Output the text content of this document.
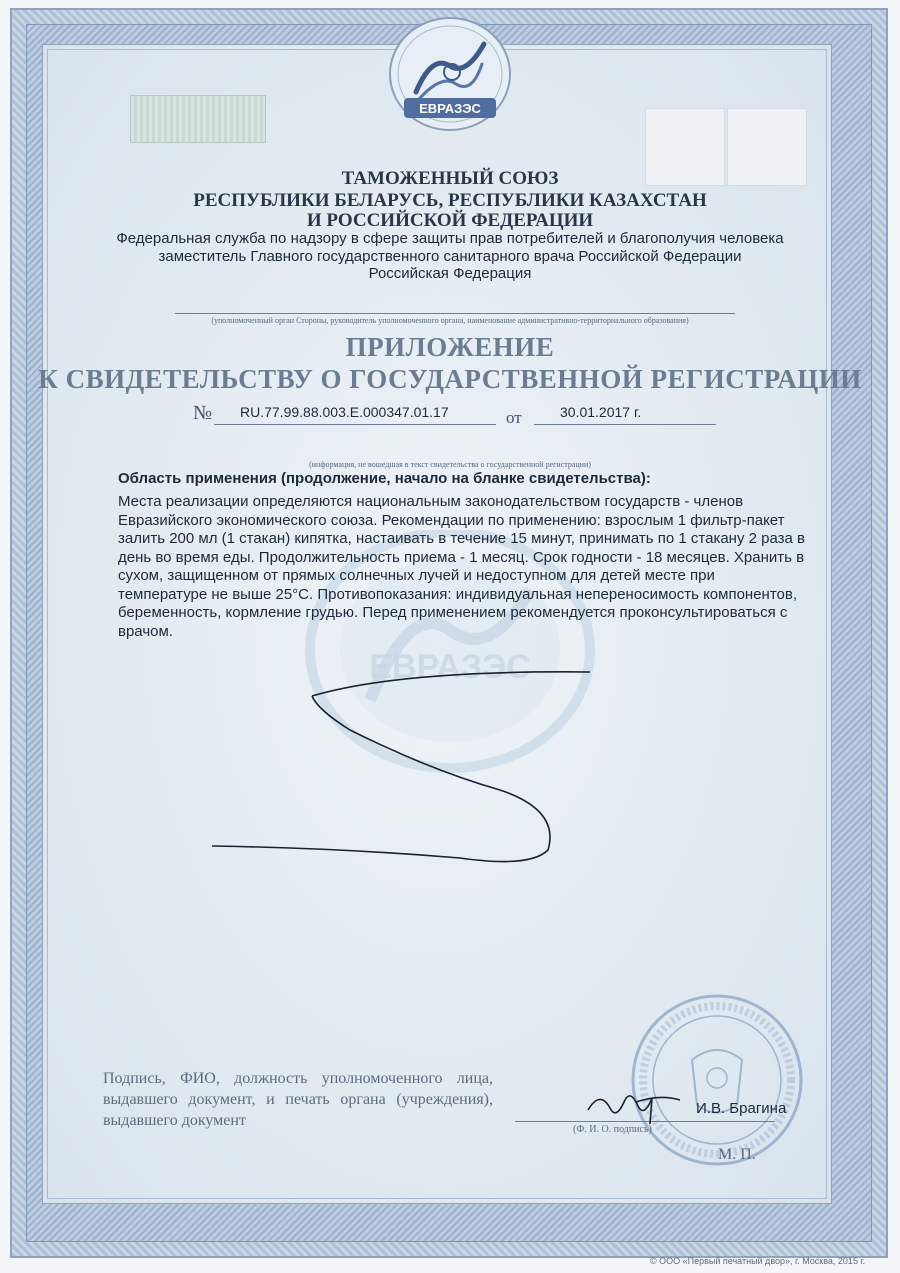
ЕВРАЗЭС
ЕВРАЗЭС
ТАМОЖЕННЫЙ СОЮЗ
РЕСПУБЛИКИ БЕЛАРУСЬ, РЕСПУБЛИКИ КАЗАХСТАН
И РОССИЙСКОЙ ФЕДЕРАЦИИ
Федеральная служба по надзору в сфере защиты прав потребителей и благополучия человека
заместитель Главного государственного санитарного врача Российской Федерации
Российская Федерация
(уполномоченный орган Стороны, руководитель уполномоченного органа, наименование административно-территориального образования)
ПРИЛОЖЕНИЕ
К СВИДЕТЕЛЬСТВУ О ГОСУДАРСТВЕННОЙ РЕГИСТРАЦИИ
№ RU.77.99.88.003.E.000347.01.17	от	30.01.2017 г.
(информация, не вошедшая в текст свидетельства о государственной регистрации)
Область применения (продолжение, начало на бланке свидетельства):
Места реализации определяются национальным законодательством государств - членов
Евразийского экономического союза. Рекомендации по применению: взрослым 1 фильтр-пакет
залить 200 мл (1 стакан) кипятка, настаивать в течение 15 минут, принимать по 1 стакану 2 раза в
день во время еды. Продолжительность приема - 1 месяц. Срок годности - 18 месяцев. Хранить в
сухом, защищенном от прямых солнечных лучей и недоступном для детей месте при
температуре не выше 25°С. Противопоказания: индивидуальная непереносимость компонентов,
беременность, кормление грудью. Перед применением рекомендуется проконсультироваться с
врачом.
Подпись, ФИО, должность уполномоченного лица, выдавшего документ, и печать органа (учреждения), выдавшего документ
И.В. Брагина
(Ф. И. О. подпись)
М. П.
© ООО «Первый печатный двор», г. Москва, 2015 г.
